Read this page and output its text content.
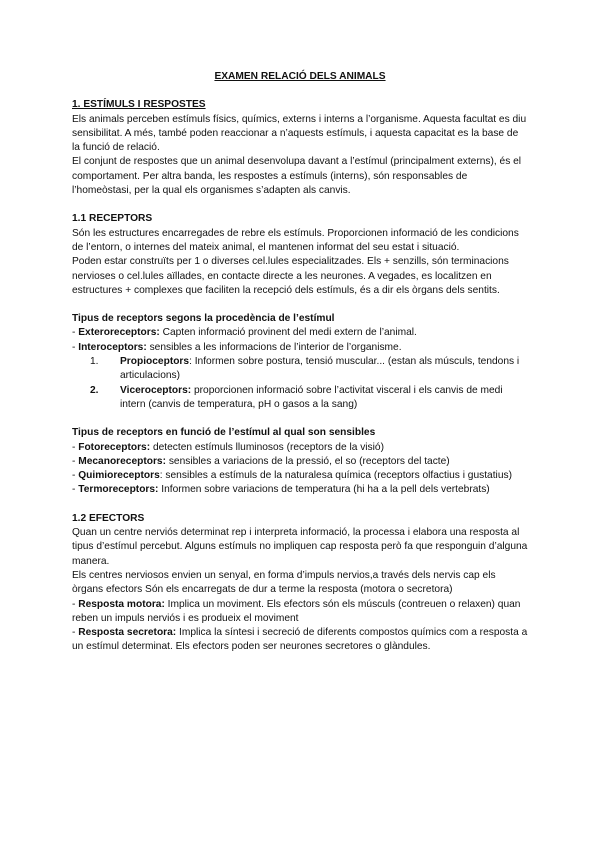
EXAMEN RELACIÓ DELS ANIMALS

1. ESTÍMULS I RESPOSTES

Els animals perceben estímuls físics, químics, externs i interns a l’organisme. Aquesta facultat es diu sensibilitat. A més, també poden reaccionar a n’aquests estímuls, i aquesta capacitat es la base de la funció de relació.

El conjunt de respostes que un animal desenvolupa davant a l’estímul (principalment externs), és el comportament. Per altra banda, les respostes a estímuls (interns), són responsables de l’homeòstasi, per la qual els organismes s’adapten als canvis.

1.1 RECEPTORS

Són les estructures encarregades de rebre els estímuls. Proporcionen informació de les condicions de l’entorn, o internes del mateix animal, el mantenen informat del seu estat i situació.

Poden estar construïts per 1 o diverses cel.lules especialitzades. Els + senzills, són terminacions nervioses o cel.lules aïllades, en contacte directe a les neurones. A vegades, es localitzen en estructures + complexes que faciliten la recepció dels estímuls, és a dir els òrgans dels sentits.

Tipus de receptors segons la procedència de l’estímul

- Exteroreceptors: Capten informació provinent del medi extern de l’animal.

- Interoceptors: sensibles a les informacions de l’interior de l’organisme.

1. Propioceptors: Informen sobre postura, tensió muscular... (estan als músculs, tendons i articulacions)

2. Viceroceptors: proporcionen informació sobre l’activitat visceral i els canvis de medi intern (canvis de temperatura, pH o gasos a la sang)

Tipus de receptors en funció de l’estímul al qual son sensibles

- Fotoreceptors: detecten estímuls lluminosos (receptors de la visió)

- Mecanoreceptors: sensibles a variacions de la pressió, el so (receptors del tacte)

- Quimioreceptors: sensibles a estímuls de la naturalesa química (receptors olfactius i gustatius)

- Termoreceptors: Informen sobre variacions de temperatura (hi ha a la pell dels vertebrats)

1.2 EFECTORS

Quan un centre nerviós determinat rep i interpreta informació, la processa i elabora una resposta al tipus d’estímul percebut. Alguns estímuls no impliquen cap resposta però fa que responguin d’alguna manera.

Els centres nerviosos envien un senyal, en forma d’impuls nervios,a través dels nervis cap els òrgans efectors Són els encarregats de dur a terme la resposta (motora o secretora)

- Resposta motora: Implica un moviment. Els efectors són els músculs (contreuen o relaxen) quan reben un impuls nerviós i es produeix el moviment

- Resposta secretora: Implica la síntesi i secreció de diferents compostos químics com a resposta a un estímul determinat. Els efectors poden ser neurones secretores o glàndules.
